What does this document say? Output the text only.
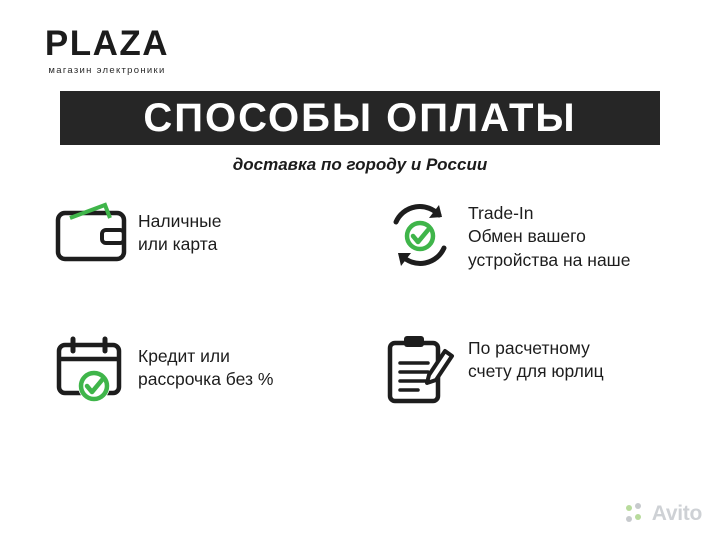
PLAZA
магазин электроники
СПОСОБЫ ОПЛАТЫ
доставка по городу и России
Наличные
или карта
Trade-In
Обмен вашего
устройства на наше
Кредит или
рассрочка без %
По расчетному
счету для юрлиц
Avito
